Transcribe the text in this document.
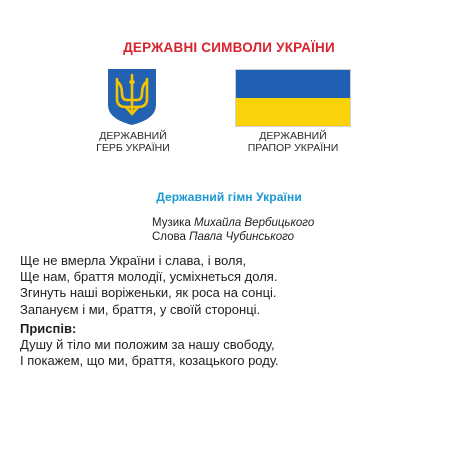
ДЕРЖАВНІ СИМВОЛИ УКРАЇНИ
ДЕРЖАВНИЙ
ГЕРБ УКРАЇНИ
ДЕРЖАВНИЙ
ПРАПОР УКРАЇНИ
Державний гімн України
Музика Михайла Вербицького
Слова Павла Чубинського
Ще не вмерла України і слава, і воля,
Ще нам, браття молодії, усміхнеться доля.
Згинуть наші воріженьки, як роса на сонці.
Запануєм і ми, браття, у своїй сторонці.
Приспів:
Душу й тіло ми положим за нашу свободу,
І покажем, що ми, браття, козацького роду.
